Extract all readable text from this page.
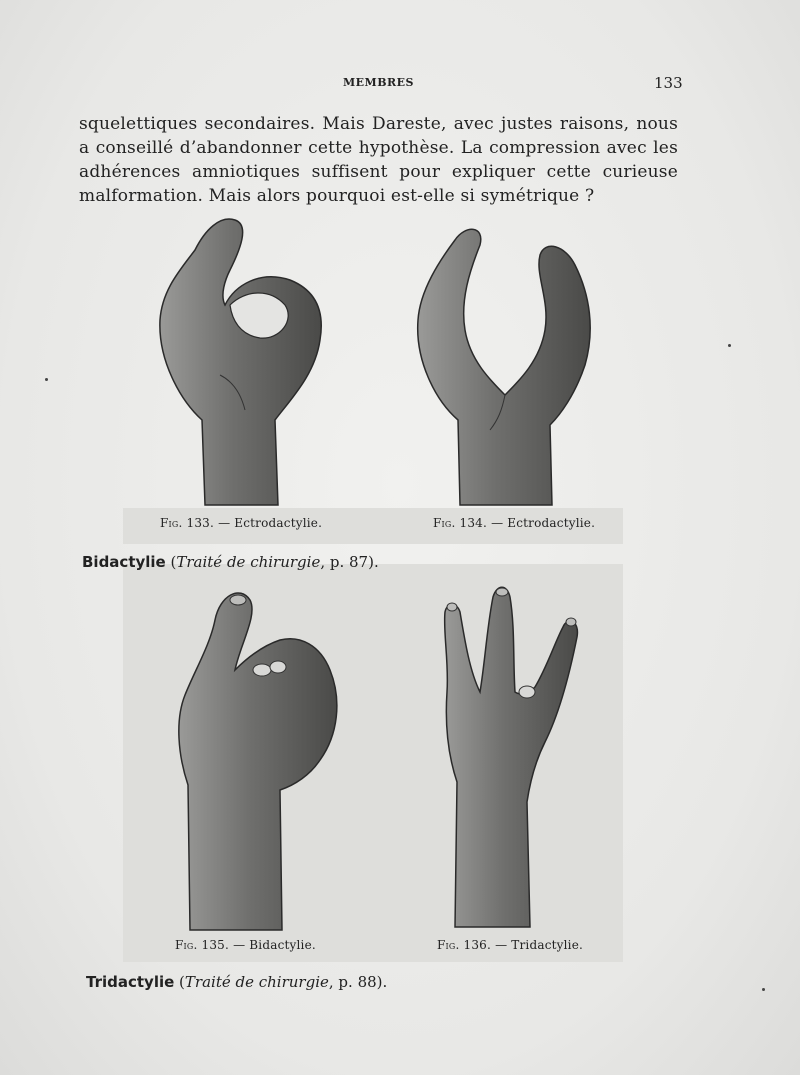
MEMBRES	133
squelettiques secondaires. Mais Dareste, avec justes raisons, nous a conseillé d’abandonner cette hypothèse. La compression avec les adhérences amniotiques suffisent pour expliquer cette curieuse malformation. Mais alors pourquoi est-elle si symétrique ?
Fig. 133. — Ectrodactylie.	Fig. 134. — Ectrodactylie.
Bidactylie (Traité de chirurgie, p. 87).
Fig. 135. — Bidactylie.	Fig. 136. — Tridactylie.
Tridactylie (Traité de chirurgie, p. 88).
